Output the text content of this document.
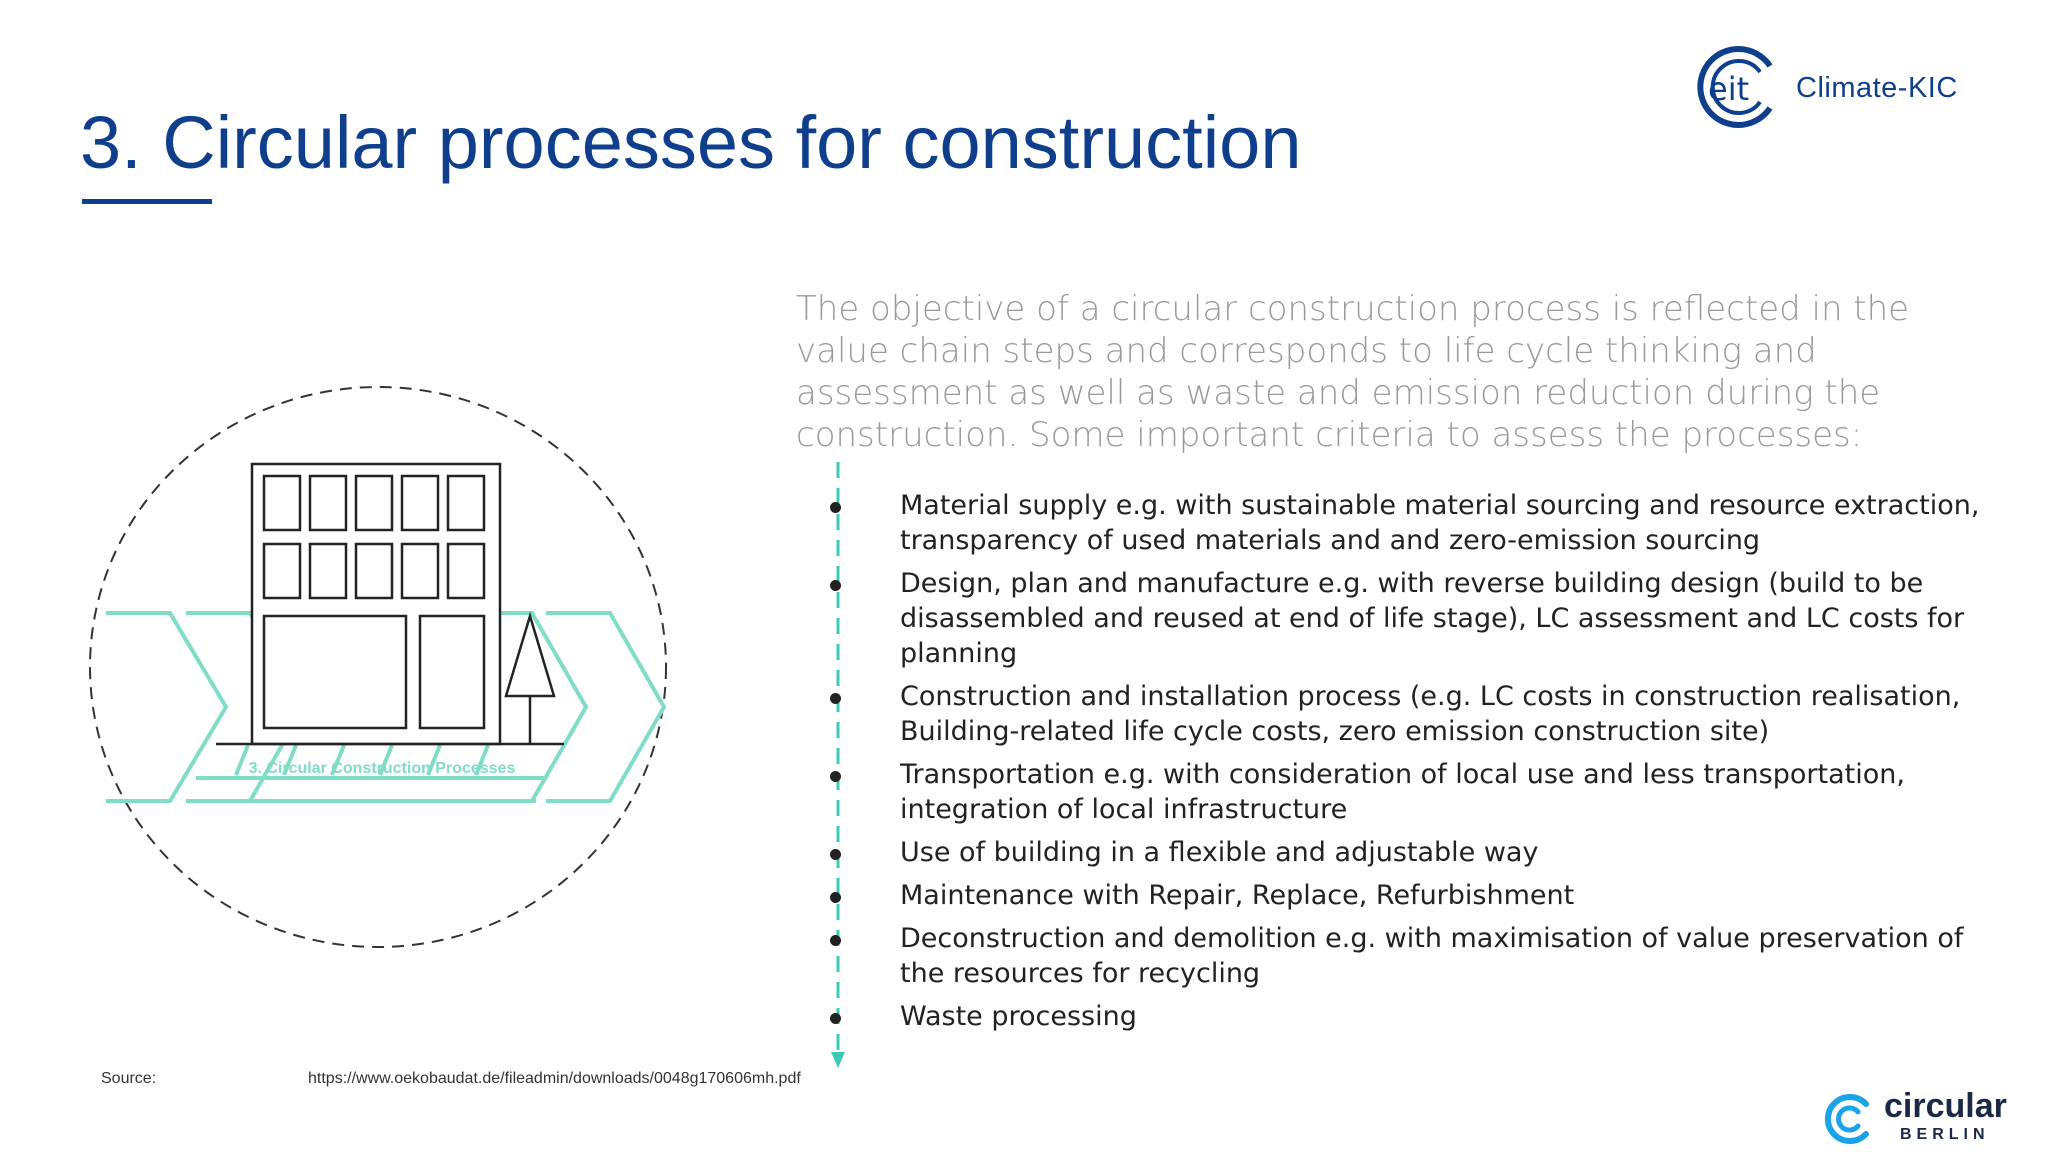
3. Circular processes for construction
eit Climate-KIC
3. Circular Construction Processes

The objective of a circular construction process is reflected in the value chain steps and corresponds to life cycle thinking and assessment as well as waste and emission reduction during the construction. Some important criteria to assess the processes:

Material supply e.g. with sustainable material sourcing and resource extraction, transparency of used materials and and zero-emission sourcing
Design, plan and manufacture e.g. with reverse building design (build to be disassembled and reused at end of life stage), LC assessment and LC costs for planning
Construction and installation process (e.g. LC costs in construction realisation, Building-related life cycle costs, zero emission construction site)
Transportation e.g. with consideration of local use and less transportation, integration of local infrastructure
Use of building in a flexible and adjustable way
Maintenance with Repair, Replace, Refurbishment
Deconstruction and demolition e.g. with maximisation of value preservation of the resources for recycling
Waste processing
Source:	https://www.oekobaudat.de/fileadmin/downloads/0048g170606mh.pdf
circular
BERLIN
